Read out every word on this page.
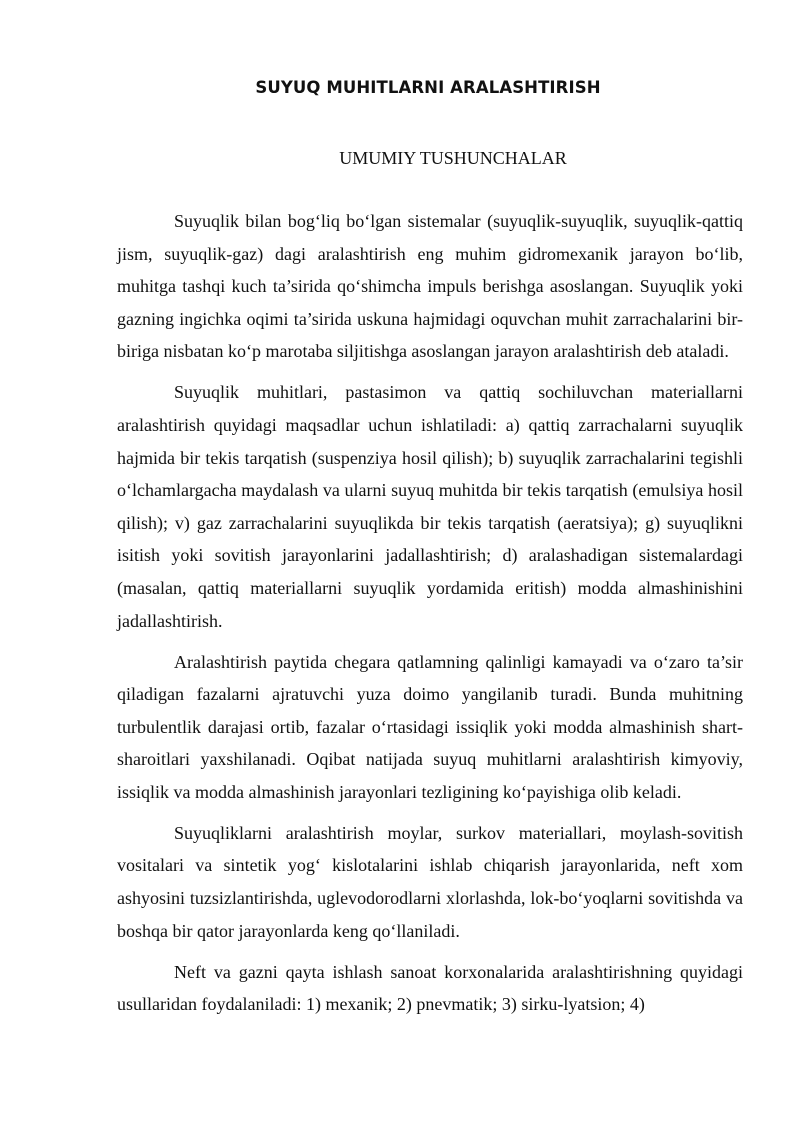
SUYUQ MUHITLARNI ARALASHTIRISH
UMUMIY TUSHUNCHALAR

Suyuqlik bilan bog‘liq bo‘lgan sistemalar (suyuqlik-suyuqlik, suyuqlik-qattiq jism, suyuqlik-gaz) dagi aralashtirish eng muhim gidromexanik jarayon bo‘lib, muhitga tashqi kuch ta’sirida qo‘shimcha impuls berishga asoslangan. Suyuqlik yoki gazning ingichka oqimi ta’sirida uskuna hajmidagi oquvchan muhit zarrachalarini bir-biriga nisbatan ko‘p marotaba siljitishga asoslangan jarayon aralashtirish deb ataladi.

Suyuqlik muhitlari, pastasimon va qattiq sochiluvchan materiallarni aralashtirish quyidagi maqsadlar uchun ishlatiladi: a) qattiq zarrachalarni suyuqlik hajmida bir tekis tarqatish (suspenziya hosil qilish); b) suyuqlik zarrachalarini tegishli o‘lchamlargacha maydalash va ularni suyuq muhitda bir tekis tarqatish (emulsiya hosil qilish); v) gaz zarrachalarini suyuqlikda bir tekis tarqatish (aeratsiya); g) suyuqlikni isitish yoki sovitish jarayonlarini jadallashtirish; d) aralashadigan sistemalardagi (masalan, qattiq materiallarni suyuqlik yordamida eritish) modda almashinishini jadallashtirish.

Aralashtirish paytida chegara qatlamning qalinligi kamayadi va o‘zaro ta’sir qiladigan fazalarni ajratuvchi yuza doimo yangilanib turadi. Bunda muhitning turbulentlik darajasi ortib, fazalar o‘rtasidagi issiqlik yoki modda almashinish shart-sharoitlari yaxshilanadi. Oqibat natijada suyuq muhitlarni aralashtirish kimyoviy, issiqlik va modda almashinish jarayonlari tezligining ko‘payishiga olib keladi.

Suyuqliklarni aralashtirish moylar, surkov materiallari, moylash-sovitish vositalari va sintetik yog‘ kislotalarini ishlab chiqarish jarayonlarida, neft xom ashyosini tuzsizlantirishda, uglevodorodlarni xlorlashda, lok-bo‘yoqlarni sovitishda va boshqa bir qator jarayonlarda keng qo‘llaniladi.

Neft va gazni qayta ishlash sanoat korxonalarida aralashtirishning quyidagi usullaridan foydalaniladi: 1) mexanik; 2) pnevmatik; 3) sirku-lyatsion; 4)
